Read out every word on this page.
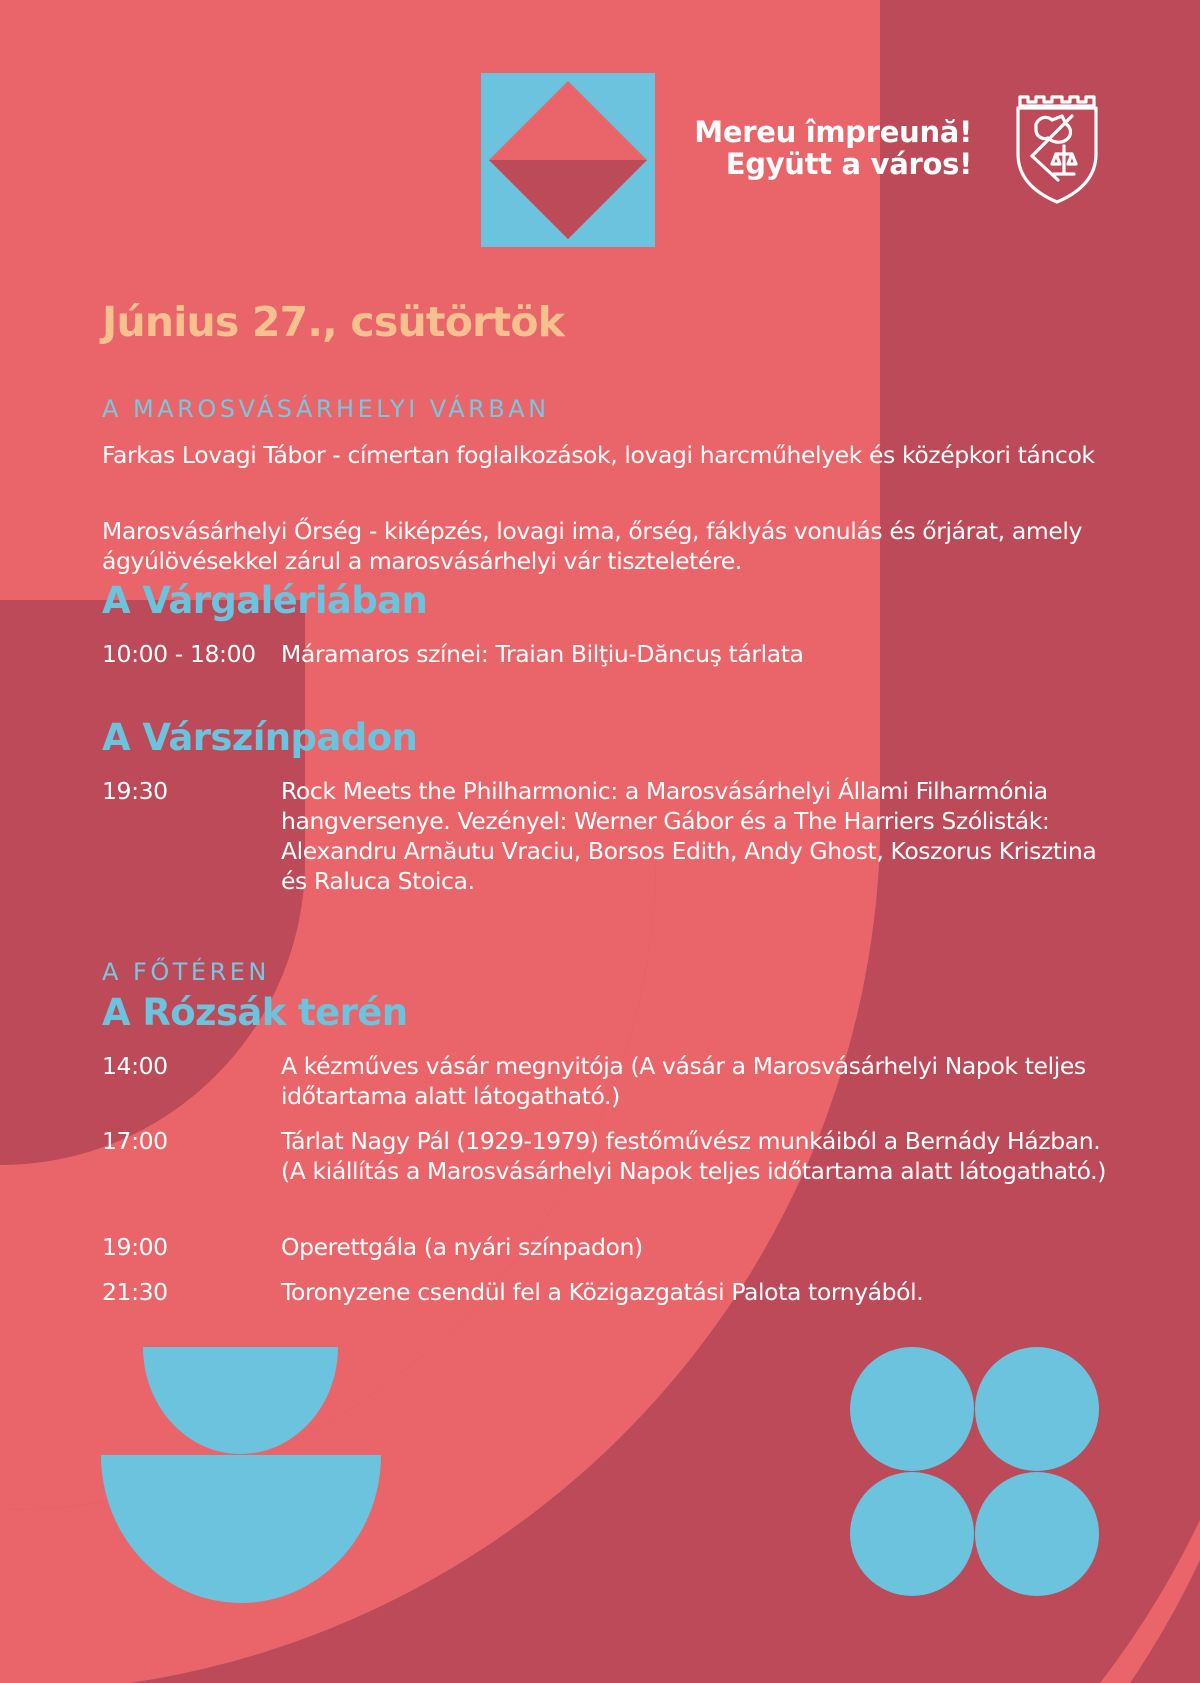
Mereu împreună!
Együtt a város!
Június 27., csütörtök
A MAROSVÁSÁRHELYI VÁRBAN

Farkas Lovagi Tábor - címertan foglalkozások, lovagi harcműhelyek és középkori táncok

Marosvásárhelyi Őrség - kiképzés, lovagi ima, őrség, fáklyás vonulás és őrjárat, amely ágyúlövésekkel zárul a marosvásárhelyi vár tiszteletére.

A Várgalériában
10:00 - 18:00 Máramaros színei: Traian Bilţiu-Dăncuş tárlata
A Várszínpadon
19:30	Rock Meets the Philharmonic: a Marosvásárhelyi Állami Filharmónia hangversenye. Vezényel: Werner Gábor és a The Harriers Szólisták: Alexandru Arnăutu Vraciu, Borsos Edith, Andy Ghost, Koszorus Krisztina és Raluca Stoica.
A FŐTÉREN
A Rózsák terén
14:00	A kézműves vásár megnyitója (A vásár a Marosvásárhelyi Napok teljes időtartama alatt látogatható.)
17:00	Tárlat Nagy Pál (1929-1979) festőművész munkáiból a Bernády Házban. (A kiállítás a Marosvásárhelyi Napok teljes időtartama alatt látogatható.)
19:00	Operettgála (a nyári színpadon)
21:30	Toronyzene csendül fel a Közigazgatási Palota tornyából.
